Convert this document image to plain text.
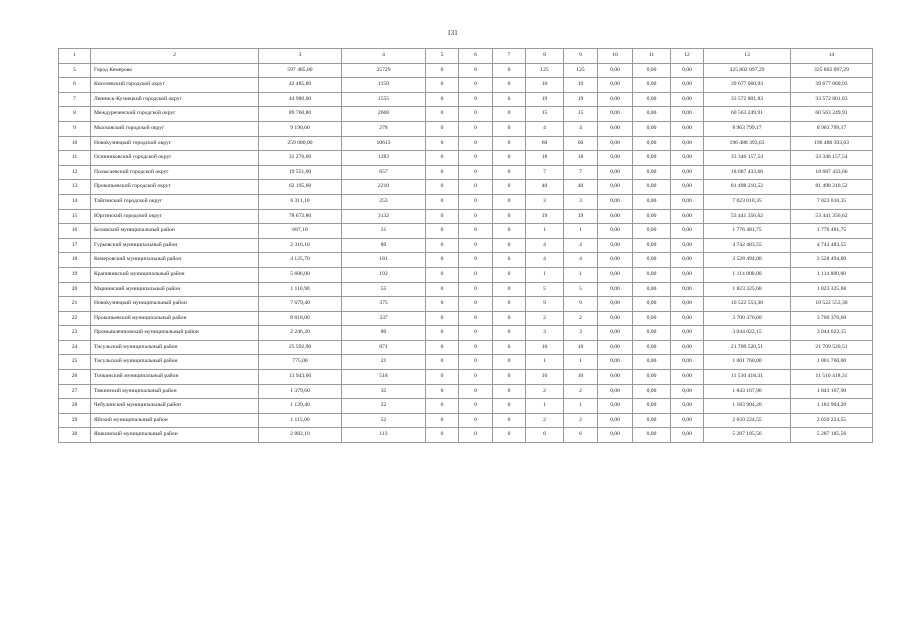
131
1	2	3	4	5	6	7	8	9	10	11	12	13	14
5	Город Кемерово	597 485,80	25729	0	0	0	125	125	0,00	0,00	0,00	325 802 097,29	325 802 097,29
6	Киселевский городской округ	42 485,80	1159	0	0	0	10	10	0,00	0,00	0,00	39 677 060,93	39 677 060,93
7	Ленинск-Кузнецкий городской округ	44 980,00	1555	0	0	0	19	19	0,00	0,00	0,00	33 572 801,83	33 572 801,83
8	Междуреченский городской округ	89 760,80	2668	0	0	0	15	15	0,00	0,00	0,00	60 563 249,91	60 563 249,91
9	Мысковский городской округ	9 190,60	278	0	0	0	4	4	0,00	0,00	0,00	8 963 799,17	8 963 799,17
10	Новокузнецкий городской округ	259 080,00	10613	0	0	0	60	60	0,00	0,00	0,00	196 488 393,63	196 488 393,63
11	Осинниковский городской округ	31 276,60	1283	0	0	0	18	18	0,00	0,00	0,00	33 346 157,54	33 346 157,54
12	Полысаевский городской округ	19 551,00	657	0	0	0	7	7	0,00	0,00	0,00	18 687 433,66	18 687 433,66
13	Прокопьевский городской округ	62 195,60	2210	0	0	0	40	40	0,00	0,00	0,00	81 498 210,52	81 498 210,52
14	Тайгинский городской округ	6 311,10	253	0	0	0	3	3	0,00	0,00	0,00	7 023 010,35	7 023 010,35
15	Юргинский городской округ	78 672,80	3132	0	0	0	19	19	0,00	0,00	0,00	53 441 356,62	53 441 356,62
16	Беловский муниципальный район	687,10	31	0	0	0	1	1	0,00	0,00	0,00	1 776 481,75	1 776 481,75
17	Гурьевский муниципальный район	2 316,10	80	0	0	0	4	4	0,00	0,00	0,00	4 742 483,55	4 742 483,55
18	Кемеровский муниципальный район	4 125,70	181	0	0	0	4	4	0,00	0,00	0,00	3 528 494,00	3 528 494,00
19	Крапивинский муниципальный район	5 606,00	192	0	0	0	1	1	0,00	0,00	0,00	1 114 800,00	1 114 800,00
20	Мариинский муниципальный район	1 110,90	55	0	0	0	5	5	0,00	0,00	0,00	1 823 325,68	1 823 325,68
21	Новокузнецкий муниципальный район	7 679,40	375	0	0	0	9	9	0,00	0,00	0,00	10 522 553,30	10 522 553,30
22	Прокопьевский муниципальный район	8 818,00	337	0	0	0	2	2	0,00	0,00	0,00	3 700 370,60	3 700 370,60
23	Промышленновский муниципальный район	2 246,20	80	0	0	0	3	3	0,00	0,00	0,00	3 044 022,15	3 044 022,15
24	Тисульский муниципальный район	25 592,90	871	0	0	0	10	10	0,00	0,00	0,00	21 709 520,51	21 709 520,51
25	Тисульский муниципальный район	775,00	21	0	0	0	1	1	0,00	0,00	0,00	1 001 760,00	1 001 760,00
26	Топкинский муниципальный район	13 943,60	518	0	0	0	10	10	0,00	0,00	0,00	11 510 418,31	11 510 418,31
27	Тяжинский муниципальный район	1 379,60	35	0	0	0	2	2	0,00	0,00	0,00	1 843 167,90	1 843 167,90
28	Чебулинский муниципальный район	1 129,40	22	0	0	0	1	1	0,00	0,00	0,00	1 183 904,20	1 183 904,20
29	Яйский муниципальный район	1 115,00	52	0	0	0	2	2	0,00	0,00	0,00	2 650 224,55	2 650 224,55
30	Яшкинский муниципальный район	2 882,10	113	0	0	0	6	6	0,00	0,00	0,00	5 287 185,56	5 287 185,56
